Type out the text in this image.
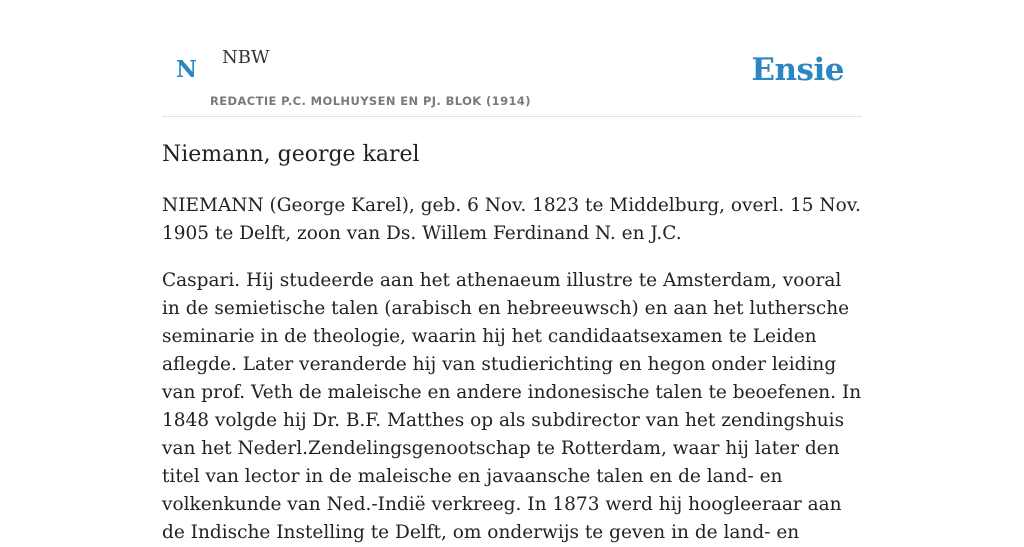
N NBW
REDACTIE P.C. MOLHUYSEN EN PJ. BLOK (1914)
Ensie
Niemann, george karel

NIEMANN (George Karel), geb. 6 Nov. 1823 te Middelburg, overl. 15 Nov. 1905 te Delft, zoon van Ds. Willem Ferdinand N. en J.C.

Caspari. Hij studeerde aan het athenaeum illustre te Amsterdam, vooral in de semietische talen (arabisch en hebreeuwsch) en aan het luthersche seminarie in de theologie, waarin hij het candidaatsexamen te Leiden aflegde. Later veranderde hij van studierichting en hegon onder leiding van prof. Veth de maleische en andere indonesische talen te beoefenen. In 1848 volgde hij Dr. B.F. Matthes op als subdirector van het zendingshuis van het Nederl.Zendelingsgenootschap te Rotterdam, waar hij later den titel van lector in de maleische en javaansche talen en de land- en volkenkunde van Ned.-Indië verkreeg. In 1873 werd hij hoogleeraar aan de Indische Instelling te Delft, om onderwijs te geven in de land- en
